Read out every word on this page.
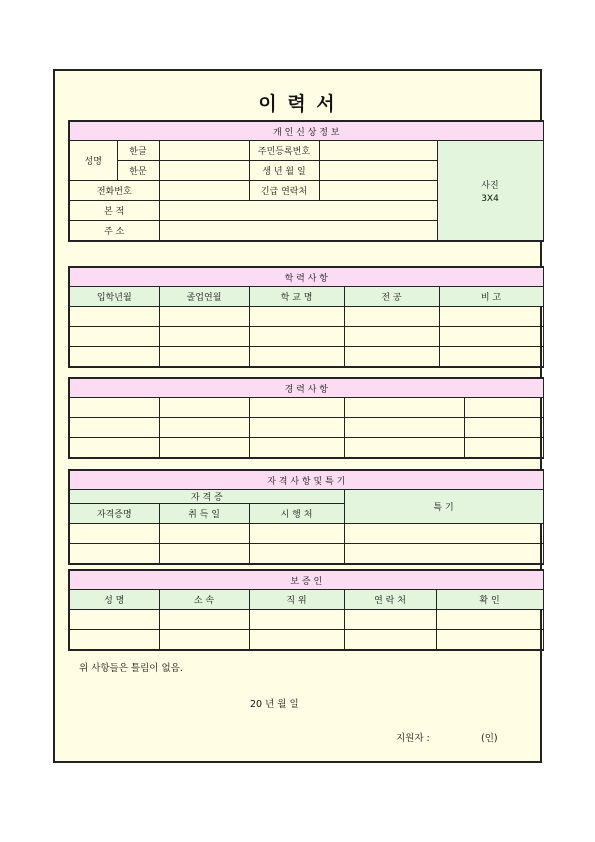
이 력 서
개 인 신 상 정 보					
성명	한글		주민등록번호		사진
3X4

	한문		생 년 월 일		
전화번호			긴급 연락처		
본 적					
주 소					
학 력 사 항				
입학년월	졸업연월	학 교 명	전 공	비 고

경 력 사 항				

자 격 사 항 및 특 기			
자 격 증			특 기
자격증명	취 득 일	시 행 처	

보 증 인				
성 명	소 속	직 위	연 락 처	확 인

위 사항들은 틀림이 없음.
20 년 월 일
지원자 :	(인)
